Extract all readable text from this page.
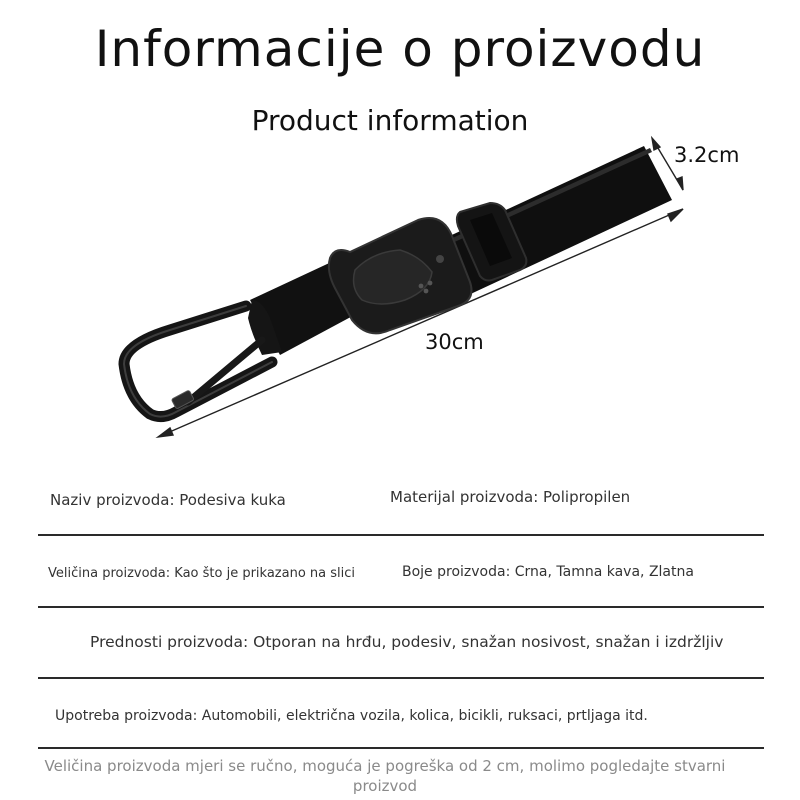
Informacije o proizvodu
Product information
3.2cm
30cm
Naziv proizvoda: Podesiva kuka	Materijal proizvoda: Polipropilen
Veličina proizvoda: Kao što je prikazano na slici	Boje proizvoda: Crna, Tamna kava, Zlatna
Prednosti proizvoda: Otporan na hrđu, podesiv, snažan nosivost, snažan i izdržljiv
Upotreba proizvoda: Automobili, električna vozila, kolica, bicikli, ruksaci, prtljaga itd.
Veličina proizvoda mjeri se ručno, moguća je pogreška od 2 cm, molimo pogledajte stvarni proizvod
